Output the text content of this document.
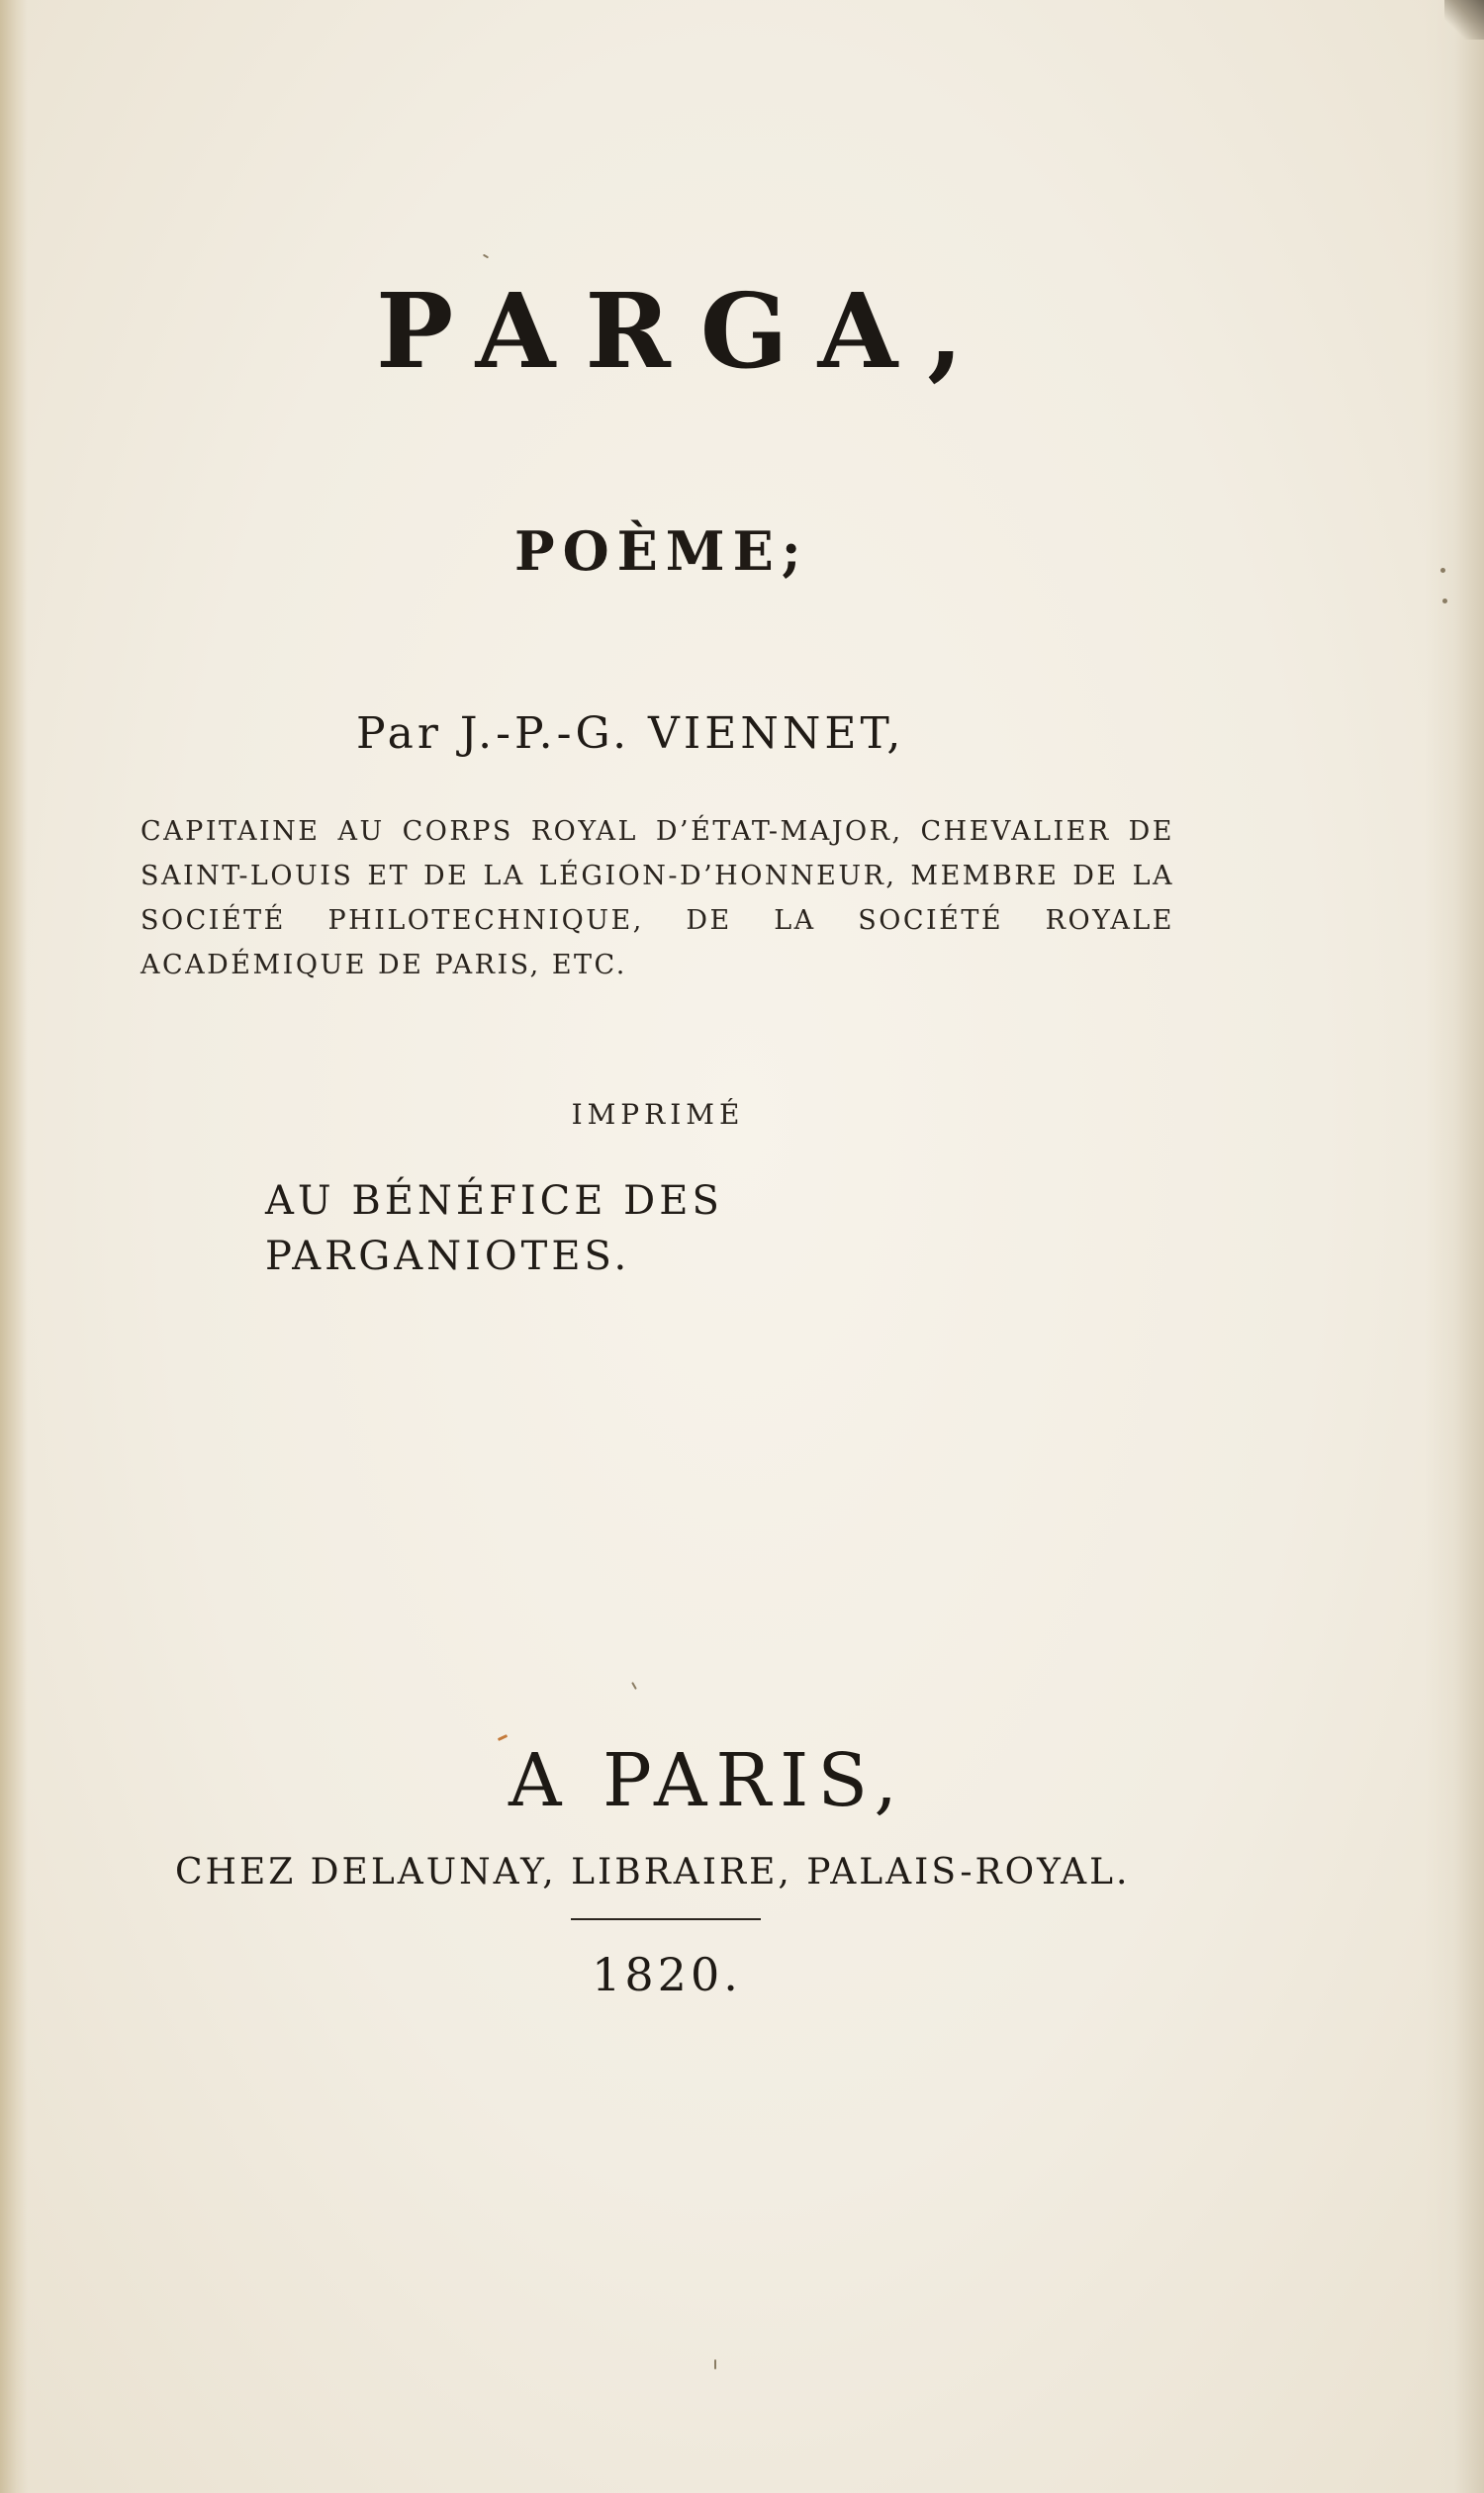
PARGA,
POÈME;

Par J.-P.-G. VIENNET,

CAPITAINE AU CORPS ROYAL D’ÉTAT-MAJOR, CHEVALIER DE SAINT-LOUIS ET DE LA LÉGION-D’HONNEUR, MEMBRE DE LA SOCIÉTÉ PHILOTECHNIQUE, DE LA SOCIÉTÉ ROYALE ACADÉMIQUE DE PARIS, ETC.

IMPRIMÉ

AU BÉNÉFICE DES PARGANIOTES.

A PARIS,

CHEZ DELAUNAY, LIBRAIRE, PALAIS-ROYAL.

1820.
